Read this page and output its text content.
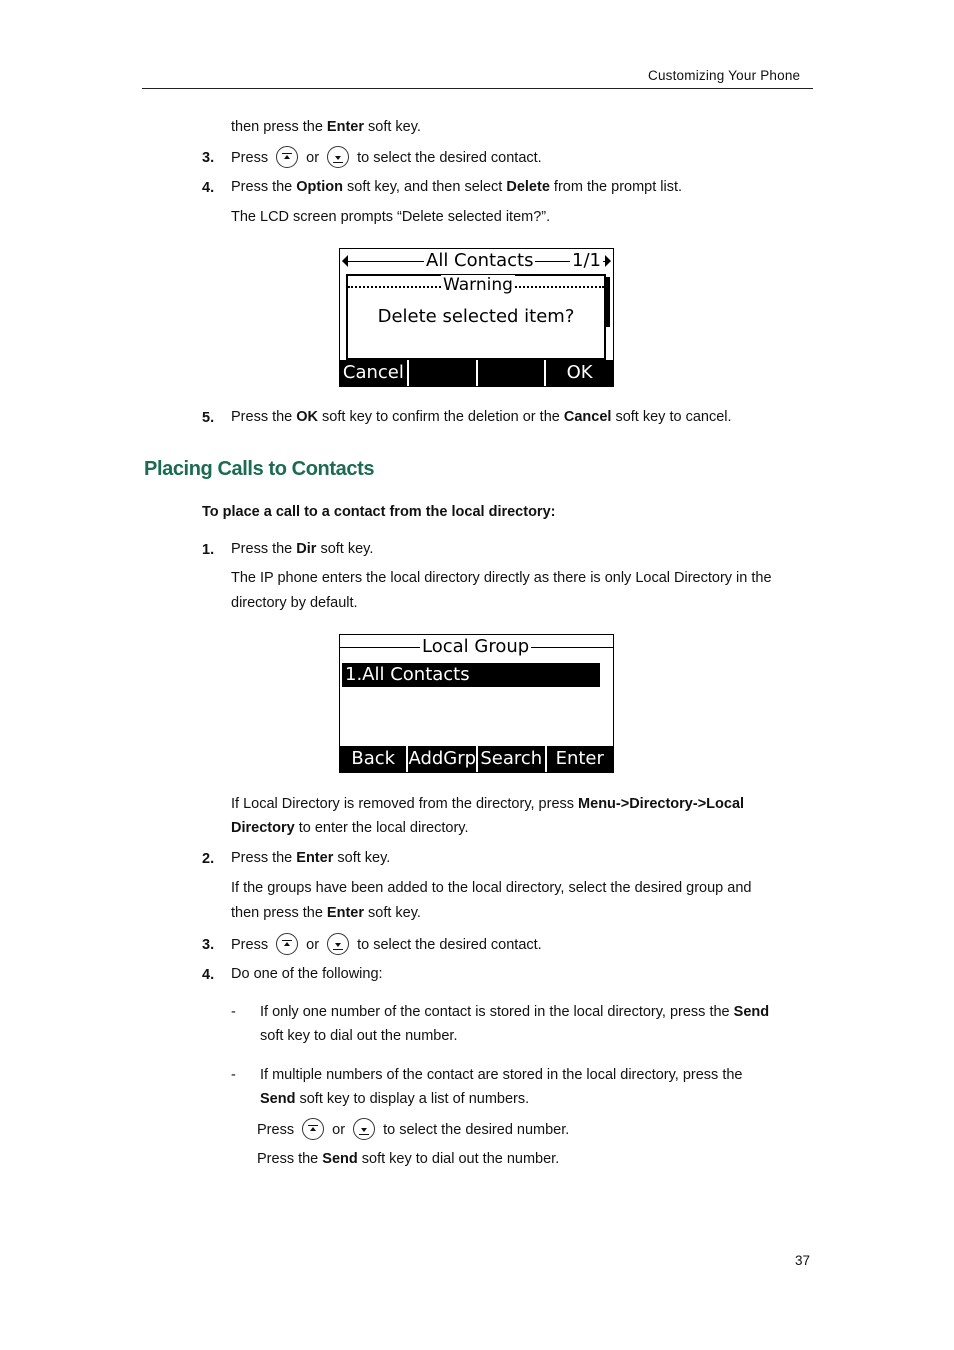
Customizing Your Phone
then press the Enter soft key.
3. Press	or	to select the desired contact.
4. Press the Option soft key, and then select Delete from the prompt list.
The LCD screen prompts “Delete selected item?”.
All Contacts 1/1
Warning
Delete selected item?
Cancel	OK
5. Press the OK soft key to confirm the deletion or the Cancel soft key to cancel.
Placing Calls to Contacts
To place a call to a contact from the local directory:
1. Press the Dir soft key.
The IP phone enters the local directory directly as there is only Local Directory in the
directory by default.
Local Group
1.All Contacts
Back AddGrp Search Enter
If Local Directory is removed from the directory, press Menu->Directory->Local
Directory to enter the local directory.
2. Press the Enter soft key.
If the groups have been added to the local directory, select the desired group and
then press the Enter soft key.
3. Press	or	to select the desired contact.
4. Do one of the following:
- If only one number of the contact is stored in the local directory, press the Send
soft key to dial out the number.
- If multiple numbers of the contact are stored in the local directory, press the
Send soft key to display a list of numbers.
Press	or	to select the desired number.
Press the Send soft key to dial out the number.
37
